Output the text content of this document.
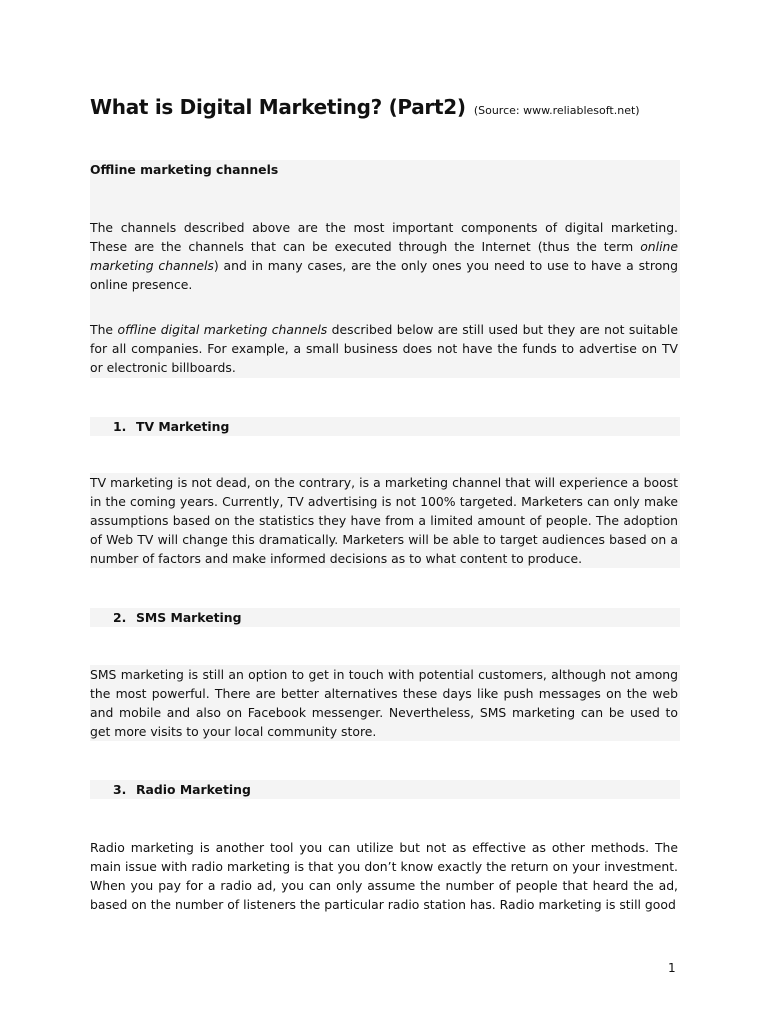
What is Digital Marketing? (Part2) (Source: www.reliablesoft.net)
Offline marketing channels
The channels described above are the most important components of digital marketing. These are the channels that can be executed through the Internet (thus the term online marketing channels) and in many cases, are the only ones you need to use to have a strong online presence.
The offline digital marketing channels described below are still used but they are not suitable for all companies. For example, a small business does not have the funds to advertise on TV or electronic billboards.
1. TV Marketing
TV marketing is not dead, on the contrary, is a marketing channel that will experience a boost in the coming years. Currently, TV advertising is not 100% targeted. Marketers can only make assumptions based on the statistics they have from a limited amount of people. The adoption of Web TV will change this dramatically. Marketers will be able to target audiences based on a number of factors and make informed decisions as to what content to produce.
2. SMS Marketing
SMS marketing is still an option to get in touch with potential customers, although not among the most powerful. There are better alternatives these days like push messages on the web and mobile and also on Facebook messenger. Nevertheless, SMS marketing can be used to get more visits to your local community store.
3. Radio Marketing
Radio marketing is another tool you can utilize but not as effective as other methods. The main issue with radio marketing is that you don’t know exactly the return on your investment. When you pay for a radio ad, you can only assume the number of people that heard the ad, based on the number of listeners the particular radio station has. Radio marketing is still good
1
